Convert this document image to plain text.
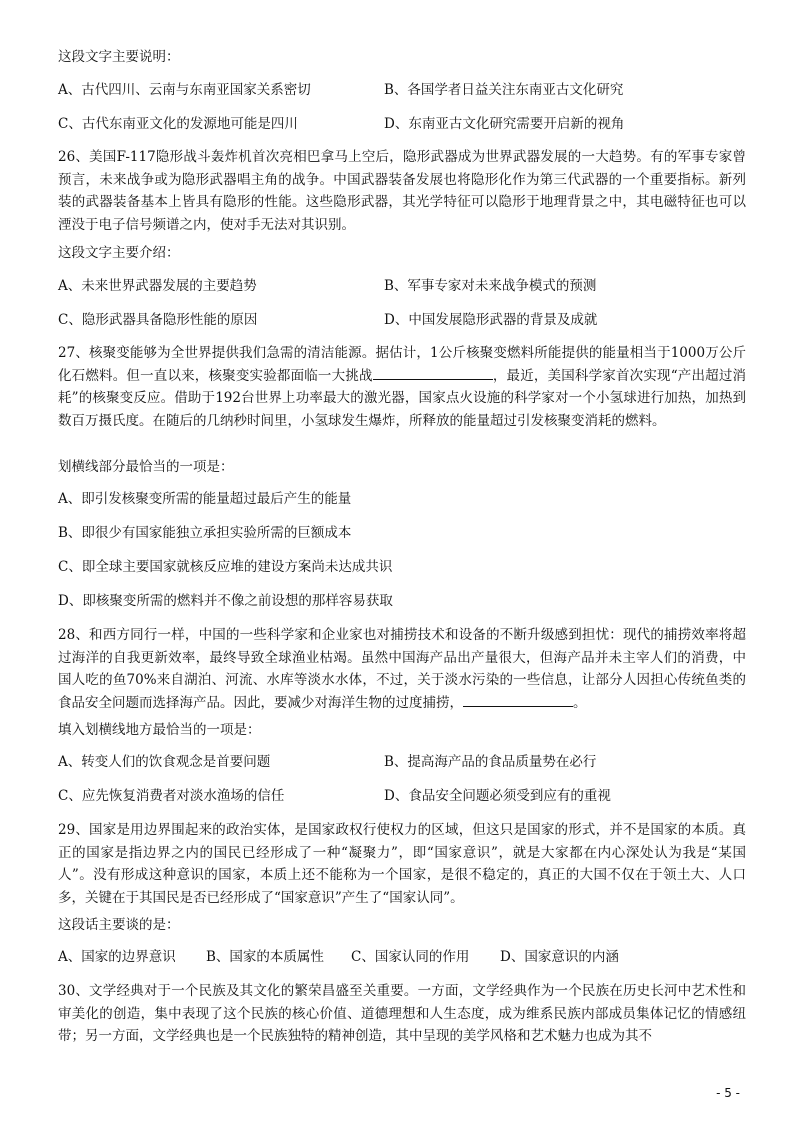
这段文字主要说明：
A、古代四川、云南与东南亚国家关系密切	B、各国学者日益关注东南亚古文化研究
C、古代东南亚文化的发源地可能是四川	D、东南亚古文化研究需要开启新的视角
26、美国F-117隐形战斗轰炸机首次亮相巴拿马上空后，隐形武器成为世界武器发展的一大趋势。有的军事专家曾预言，未来战争或为隐形武器唱主角的战争。中国武器装备发展也将隐形化作为第三代武器的一个重要指标。新列装的武器装备基本上皆具有隐形的性能。这些隐形武器，其光学特征可以隐形于地理背景之中，其电磁特征也可以湮没于电子信号频谱之内，使对手无法对其识别。
这段文字主要介绍：
A、未来世界武器发展的主要趋势	B、军事专家对未来战争模式的预测
C、隐形武器具备隐形性能的原因	D、中国发展隐形武器的背景及成就
27、核聚变能够为全世界提供我们急需的清洁能源。据估计，1公斤核聚变燃料所能提供的能量相当于1000万公斤化石燃料。但一直以来，核聚变实验都面临一大挑战	，最近，美国科学家首次实现“产出超过消耗”的核聚变反应。借助于192台世界上功率最大的激光器，国家点火设施的科学家对一个小氢球进行加热，加热到数百万摄氏度。在随后的几纳秒时间里，小氢球发生爆炸，所释放的能量超过引发核聚变消耗的燃料。
划横线部分最恰当的一项是：
A、即引发核聚变所需的能量超过最后产生的能量
B、即很少有国家能独立承担实验所需的巨额成本
C、即全球主要国家就核反应堆的建设方案尚未达成共识
D、即核聚变所需的燃料并不像之前设想的那样容易获取
28、和西方同行一样，中国的一些科学家和企业家也对捕捞技术和设备的不断升级感到担忧：现代的捕捞效率将超过海洋的自我更新效率，最终导致全球渔业枯竭。虽然中国海产品出产量很大，但海产品并未主宰人们的消费，中国人吃的鱼70%来自湖泊、河流、水库等淡水水体，不过，关于淡水污染的一些信息，让部分人因担心传统鱼类的食品安全问题而选择海产品。因此，要减少对海洋生物的过度捕捞，	。
填入划横线地方最恰当的一项是：
A、转变人们的饮食观念是首要问题	B、提高海产品的食品质量势在必行
C、应先恢复消费者对淡水渔场的信任	D、食品安全问题必须受到应有的重视
29、国家是用边界围起来的政治实体，是国家政权行使权力的区域，但这只是国家的形式，并不是国家的本质。真正的国家是指边界之内的国民已经形成了一种“凝聚力”，即“国家意识”，就是大家都在内心深处认为我是“某国人”。没有形成这种意识的国家，本质上还不能称为一个国家，是很不稳定的，真正的大国不仅在于领土大、人口多，关键在于其国民是否已经形成了“国家意识”产生了“国家认同”。
这段话主要谈的是：
A、国家的边界意识 B、国家的本质属性 C、国家认同的作用 D、国家意识的内涵
30、文学经典对于一个民族及其文化的繁荣昌盛至关重要。一方面，文学经典作为一个民族在历史长河中艺术性和审美化的创造，集中表现了这个民族的核心价值、道德理想和人生态度，成为维系民族内部成员集体记忆的情感纽带；另一方面，文学经典也是一个民族独特的精神创造，其中呈现的美学风格和艺术魅力也成为其不
- 5 -
